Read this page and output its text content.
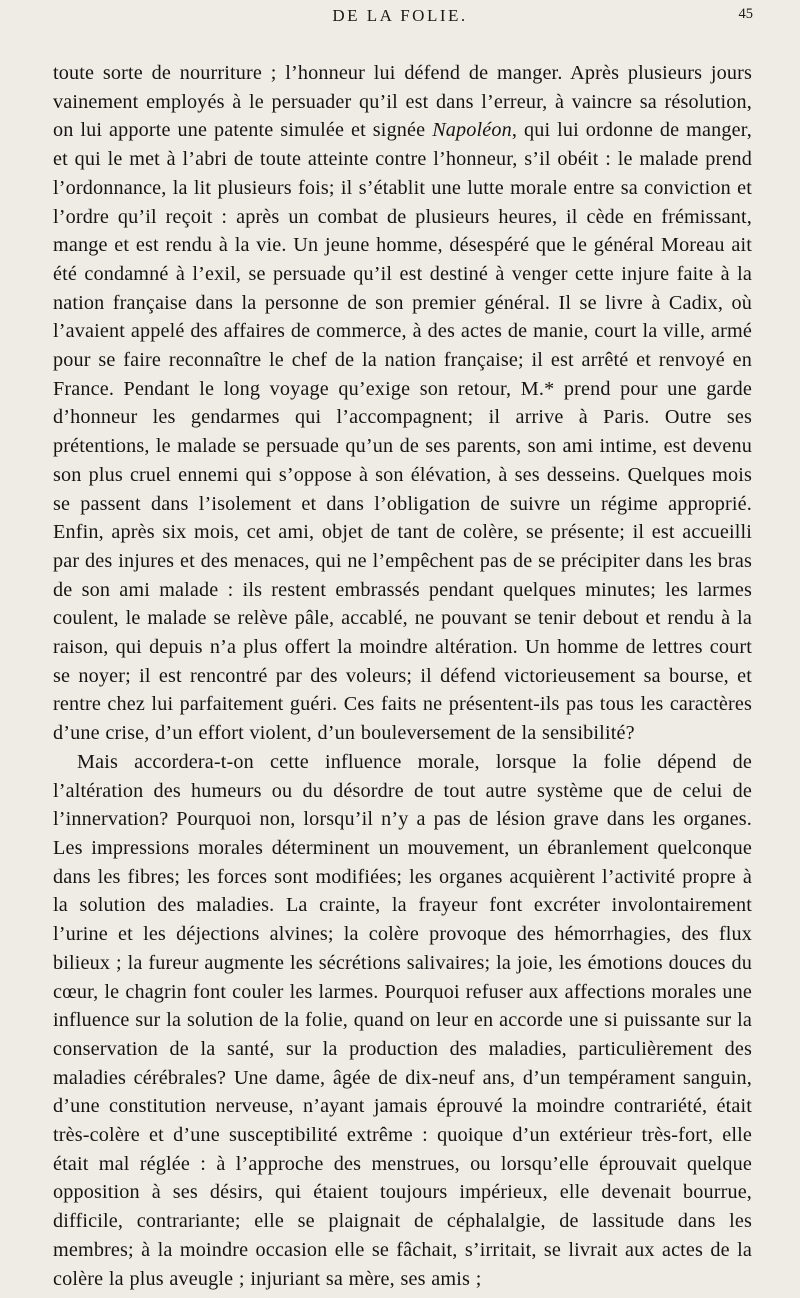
DE LA FOLIE.	45

toute sorte de nourriture ; l’honneur lui défend de manger. Après plusieurs jours vainement employés à le persuader qu’il est dans l’erreur, à vaincre sa résolution, on lui apporte une patente simulée et signée Napoléon, qui lui ordonne de manger, et qui le met à l’abri de toute atteinte contre l’honneur, s’il obéit : le malade prend l’ordonnance, la lit plusieurs fois; il s’établit une lutte morale entre sa conviction et l’ordre qu’il reçoit : après un combat de plusieurs heures, il cède en frémissant, mange et est rendu à la vie. Un jeune homme, désespéré que le général Moreau ait été condamné à l’exil, se persuade qu’il est destiné à venger cette injure faite à la nation française dans la personne de son premier général. Il se livre à Cadix, où l’avaient appelé des affaires de commerce, à des actes de manie, court la ville, armé pour se faire reconnaître le chef de la nation française; il est arrêté et renvoyé en France. Pendant le long voyage qu’exige son retour, M.* prend pour une garde d’honneur les gendarmes qui l’accompagnent; il arrive à Paris. Outre ses prétentions, le malade se persuade qu’un de ses parents, son ami intime, est devenu son plus cruel ennemi qui s’oppose à son élévation, à ses desseins. Quelques mois se passent dans l’isolement et dans l’obligation de suivre un régime approprié. Enfin, après six mois, cet ami, objet de tant de colère, se présente; il est accueilli par des injures et des menaces, qui ne l’empêchent pas de se précipiter dans les bras de son ami malade : ils restent embrassés pendant quelques minutes; les larmes coulent, le malade se relève pâle, accablé, ne pouvant se tenir debout et rendu à la raison, qui depuis n’a plus offert la moindre altération. Un homme de lettres court se noyer; il est rencontré par des voleurs; il défend victorieusement sa bourse, et rentre chez lui parfaitement guéri. Ces faits ne présentent-ils pas tous les caractères d’une crise, d’un effort violent, d’un bouleversement de la sensibilité?

Mais accordera-t-on cette influence morale, lorsque la folie dépend de l’altération des humeurs ou du désordre de tout autre système que de celui de l’innervation? Pourquoi non, lorsqu’il n’y a pas de lésion grave dans les organes. Les impressions morales déterminent un mouvement, un ébranlement quelconque dans les fibres; les forces sont modifiées; les organes acquièrent l’activité propre à la solution des maladies. La crainte, la frayeur font excréter involontairement l’urine et les déjections alvines; la colère provoque des hémorrhagies, des flux bilieux ; la fureur augmente les sécrétions salivaires; la joie, les émotions douces du cœur, le chagrin font couler les larmes. Pourquoi refuser aux affections morales une influence sur la solution de la folie, quand on leur en accorde une si puissante sur la conservation de la santé, sur la production des maladies, particulièrement des maladies cérébrales? Une dame, âgée de dix-neuf ans, d’un tempérament sanguin, d’une constitution nerveuse, n’ayant jamais éprouvé la moindre contrariété, était très-colère et d’une susceptibilité extrême : quoique d’un extérieur très-fort, elle était mal réglée : à l’approche des menstrues, ou lorsqu’elle éprouvait quelque opposition à ses désirs, qui étaient toujours impérieux, elle devenait bourrue, difficile, contrariante; elle se plaignait de céphalalgie, de lassitude dans les membres; à la moindre occasion elle se fâchait, s’irritait, se livrait aux actes de la colère la plus aveugle ; injuriant sa mère, ses amis ;
